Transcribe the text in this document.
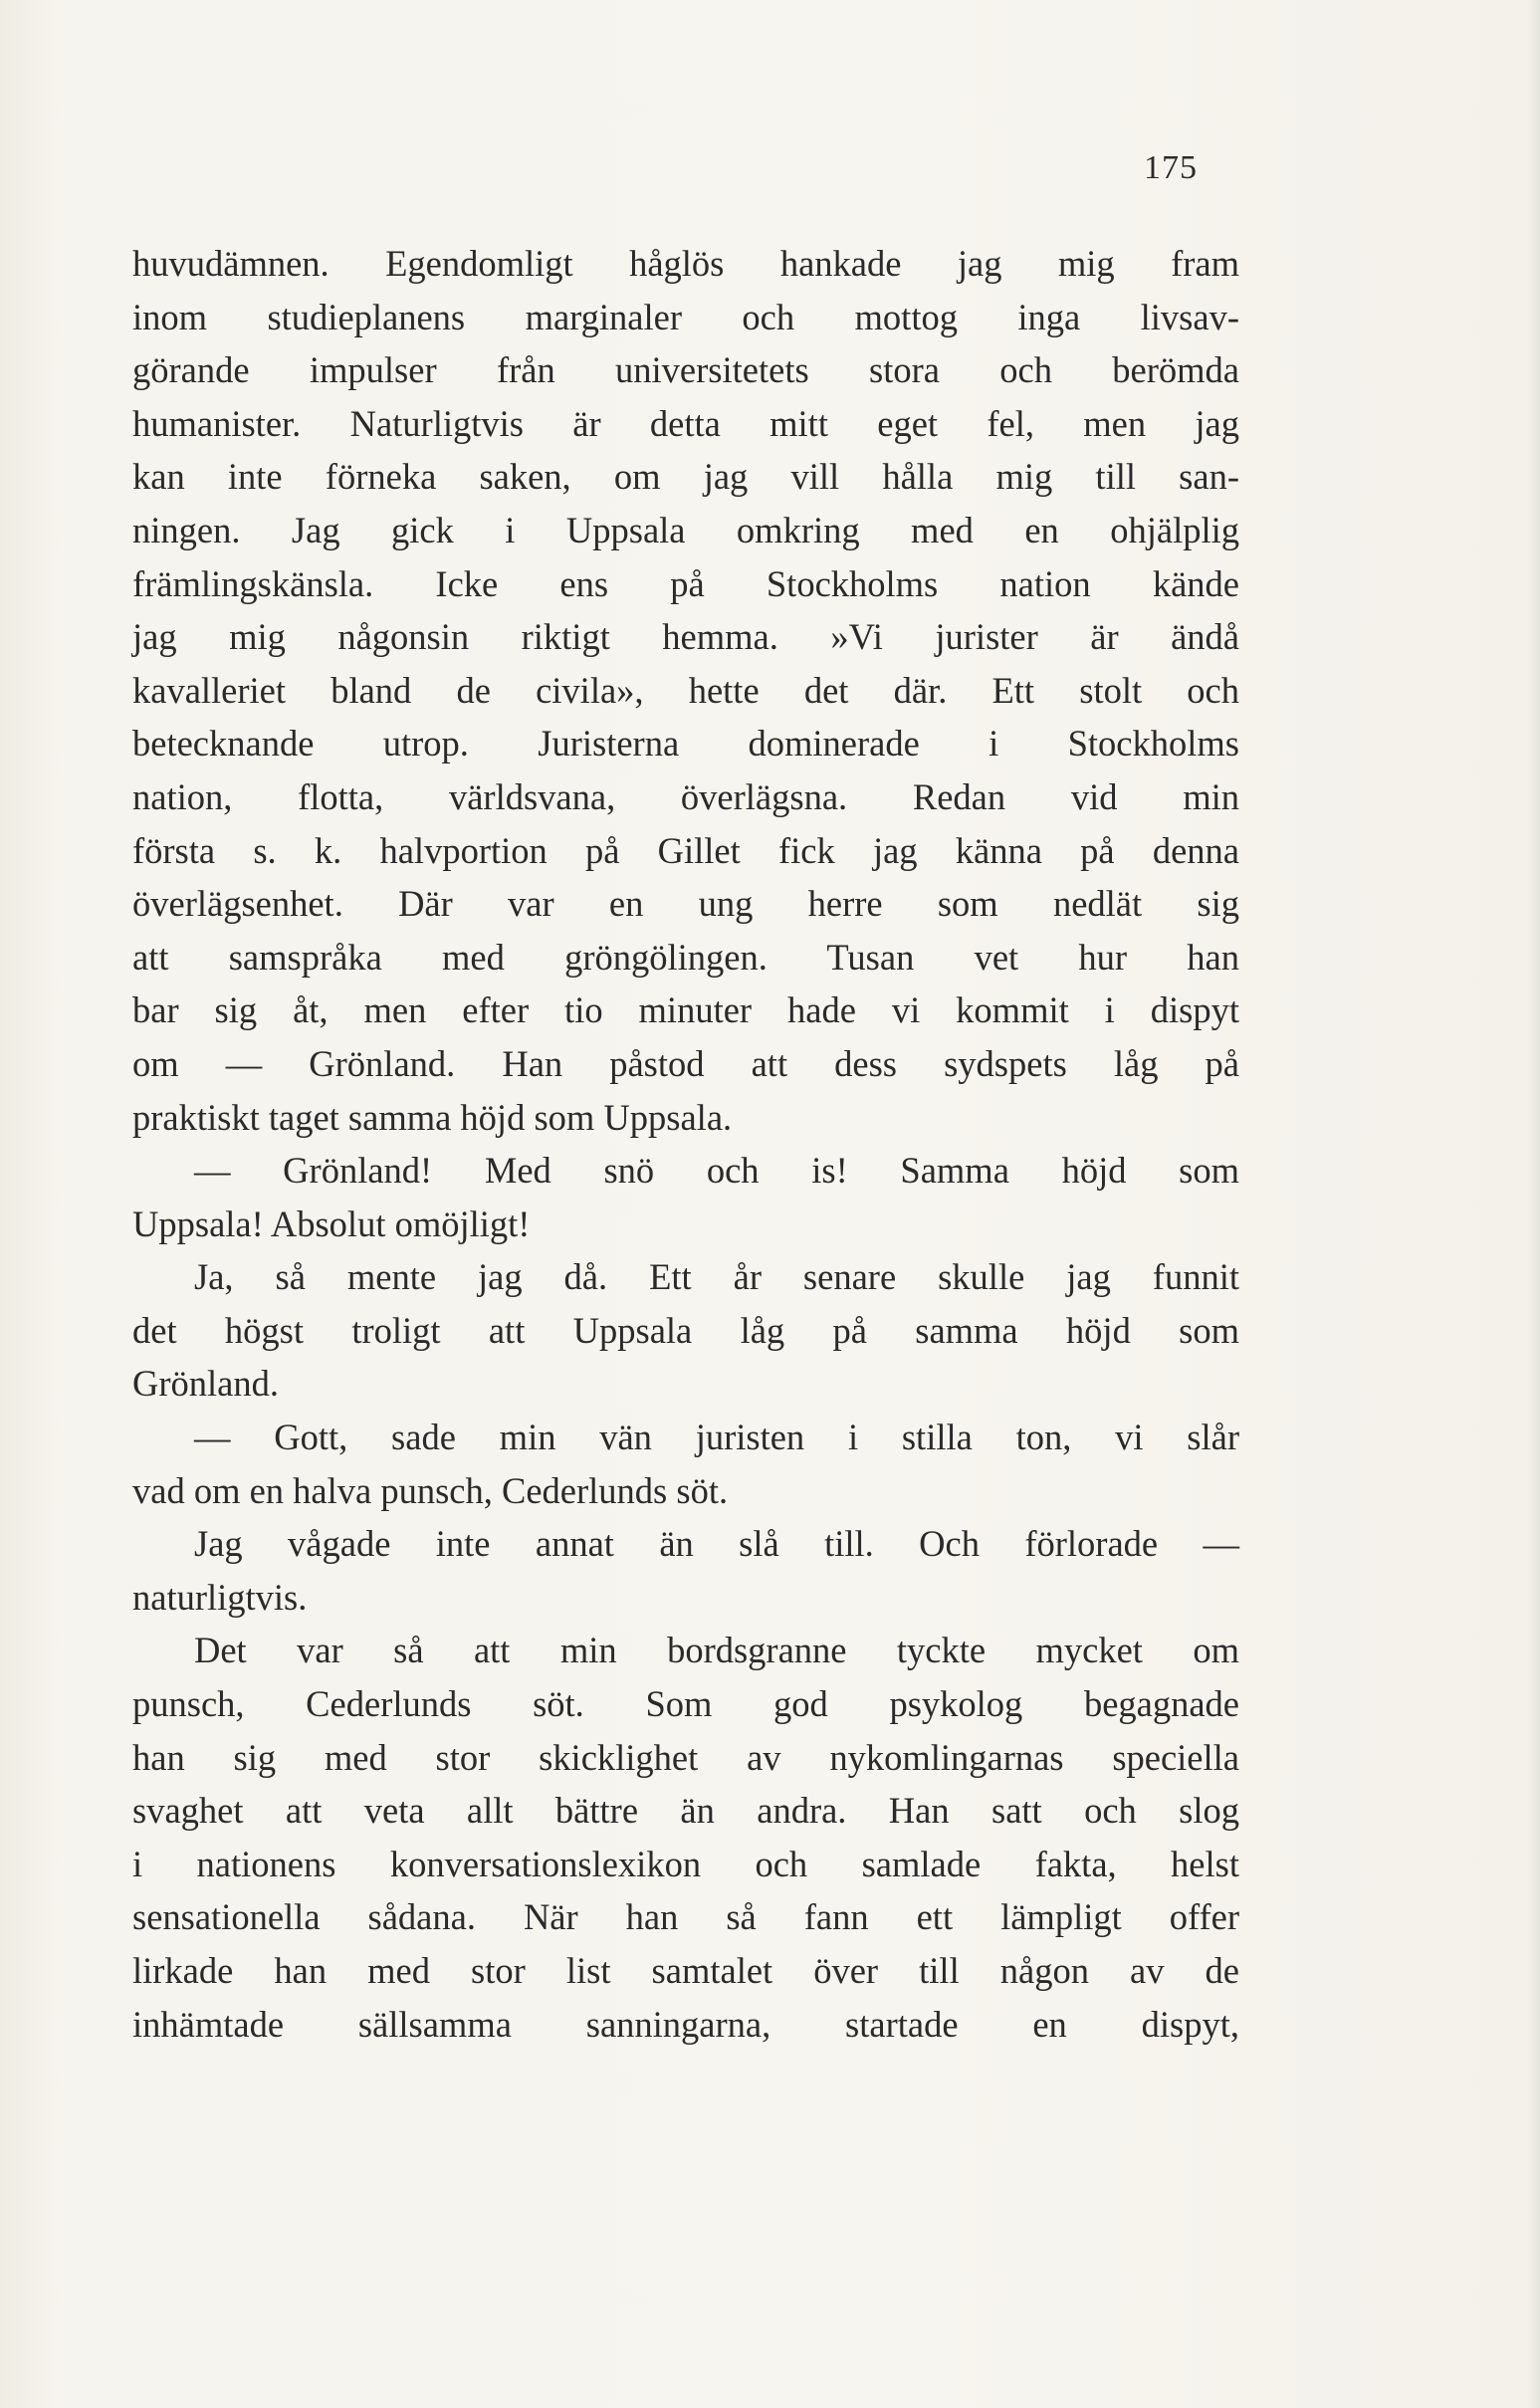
175
huvudämnen. Egendomligt håglös hankade jag mig fram
inom studieplanens marginaler och mottog inga livsav-
görande impulser från universitetets stora och berömda
humanister. Naturligtvis är detta mitt eget fel, men jag
kan inte förneka saken, om jag vill hålla mig till san-
ningen. Jag gick i Uppsala omkring med en ohjälplig
främlingskänsla. Icke ens på Stockholms nation kände
jag mig någonsin riktigt hemma. »Vi jurister är ändå
kavalleriet bland de civila», hette det där. Ett stolt och
betecknande utrop. Juristerna dominerade i Stockholms
nation, flotta, världsvana, överlägsna. Redan vid min
första s. k. halvportion på Gillet fick jag känna på denna
överlägsenhet. Där var en ung herre som nedlät sig
att samspråka med gröngölingen. Tusan vet hur han
bar sig åt, men efter tio minuter hade vi kommit i dispyt
om — Grönland. Han påstod att dess sydspets låg på
praktiskt taget samma höjd som Uppsala.
— Grönland! Med snö och is! Samma höjd som
Uppsala! Absolut omöjligt!
Ja, så mente jag då. Ett år senare skulle jag funnit
det högst troligt att Uppsala låg på samma höjd som
Grönland.
— Gott, sade min vän juristen i stilla ton, vi slår
vad om en halva punsch, Cederlunds söt.
Jag vågade inte annat än slå till. Och förlorade —
naturligtvis.
Det var så att min bordsgranne tyckte mycket om
punsch, Cederlunds söt. Som god psykolog begagnade
han sig med stor skicklighet av nykomlingarnas speciella
svaghet att veta allt bättre än andra. Han satt och slog
i nationens konversationslexikon och samlade fakta, helst
sensationella sådana. När han så fann ett lämpligt offer
lirkade han med stor list samtalet över till någon av de
inhämtade sällsamma sanningarna, startade en dispyt,
